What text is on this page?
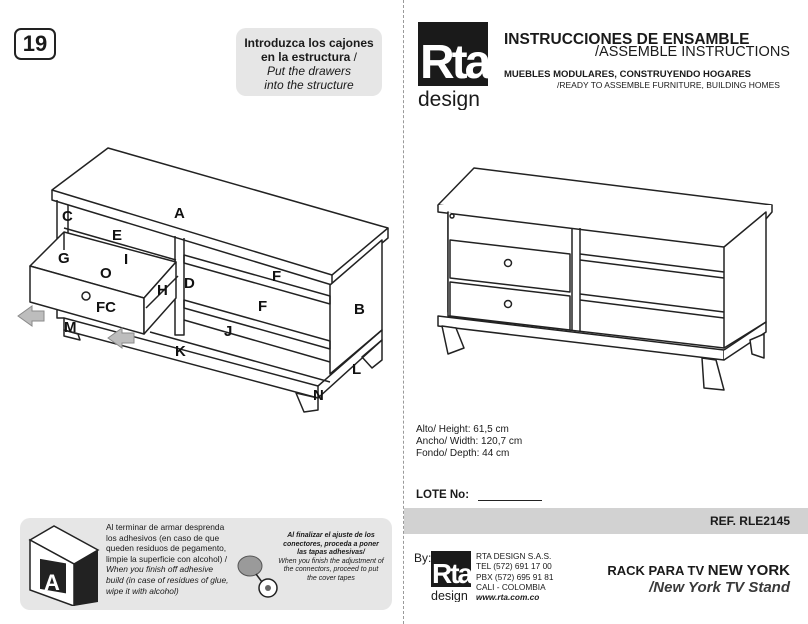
19	Introduzca los cajones
en la estructura /
Put the drawers
into the structure
A
B
C
D
E
F
F
FC
G
H
I
J
K
L
M
N
O
A
Al terminar de armar desprenda los adhesivos (en caso de que queden residuos de pegamento, limpie la superficie con alcohol) / When you finish off adhesive build (in case of residues of glue, wipe it with alcohol)
Al finalizar el ajuste de los conectores, proceda a poner las tapas adhesivas/
When you finish the adjustment of the connectors, proceed to put the cover tapes
Rta
design
INSTRUCCIONES DE ENSAMBLE
/ASSEMBLE INSTRUCTIONS
MUEBLES MODULARES, CONSTRUYENDO HOGARES
/READY TO ASSEMBLE FURNITURE, BUILDING HOMES
Alto/ Height: 61,5 cm
Ancho/ Width: 120,7 cm
Fondo/ Depth: 44 cm
LOTE No:
REF. RLE2145
By: Rta
design
RTA DESIGN S.A.S.
TEL (572) 691 17 00
PBX (572) 695 91 81
CALI - COLOMBIA
www.rta.com.co
RACK PARA TV NEW YORK
/New York TV Stand
